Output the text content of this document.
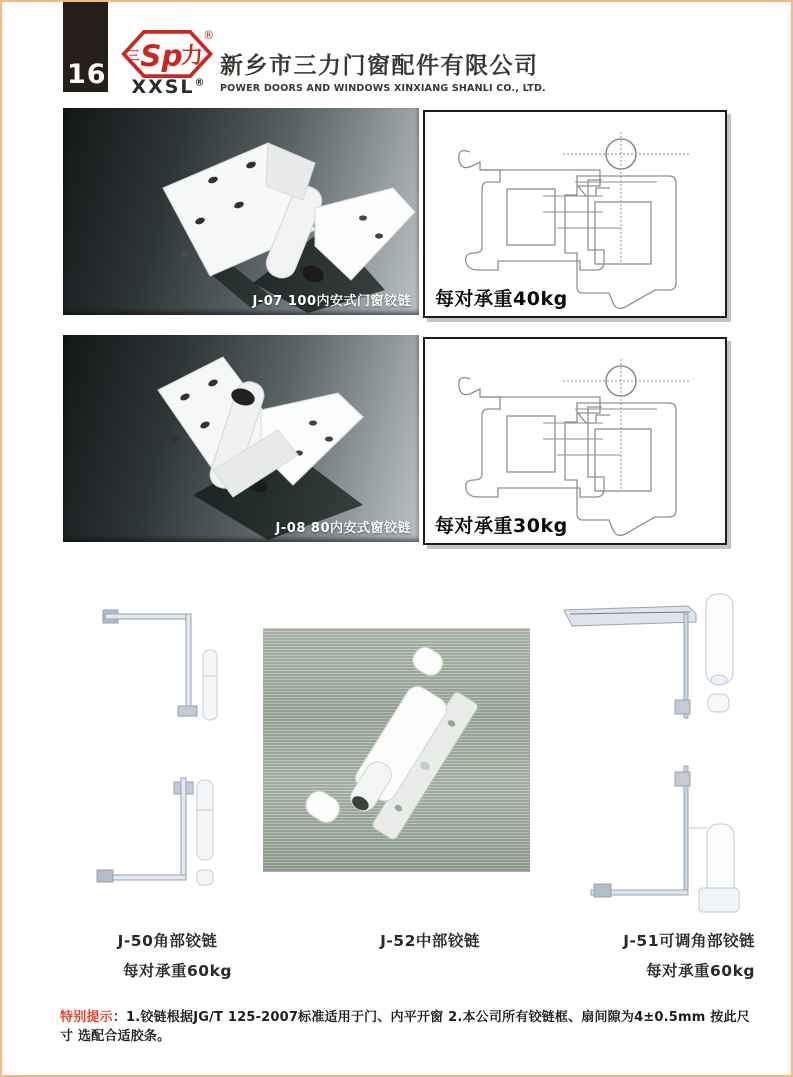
16
三 Sp
力
®
XXSL®
新乡市三力门窗配件有限公司
POWER DOORS AND WINDOWS XINXIANG SHANLI CO., LTD.
J-07 100内安式门窗铰链 每对承重40kg
J-08 80内安式窗铰链 每对承重30kg
J-50角部铰链
每对承重60kg
J-52中部铰链	J-51可调角部铰链
每对承重60kg
特别提示：1.铰链根据JG/T 125-2007标准适用于门、内平开窗 2.本公司所有铰链框、扇间隙为4±0.5mm 按此尺寸 选配合适胶条。
